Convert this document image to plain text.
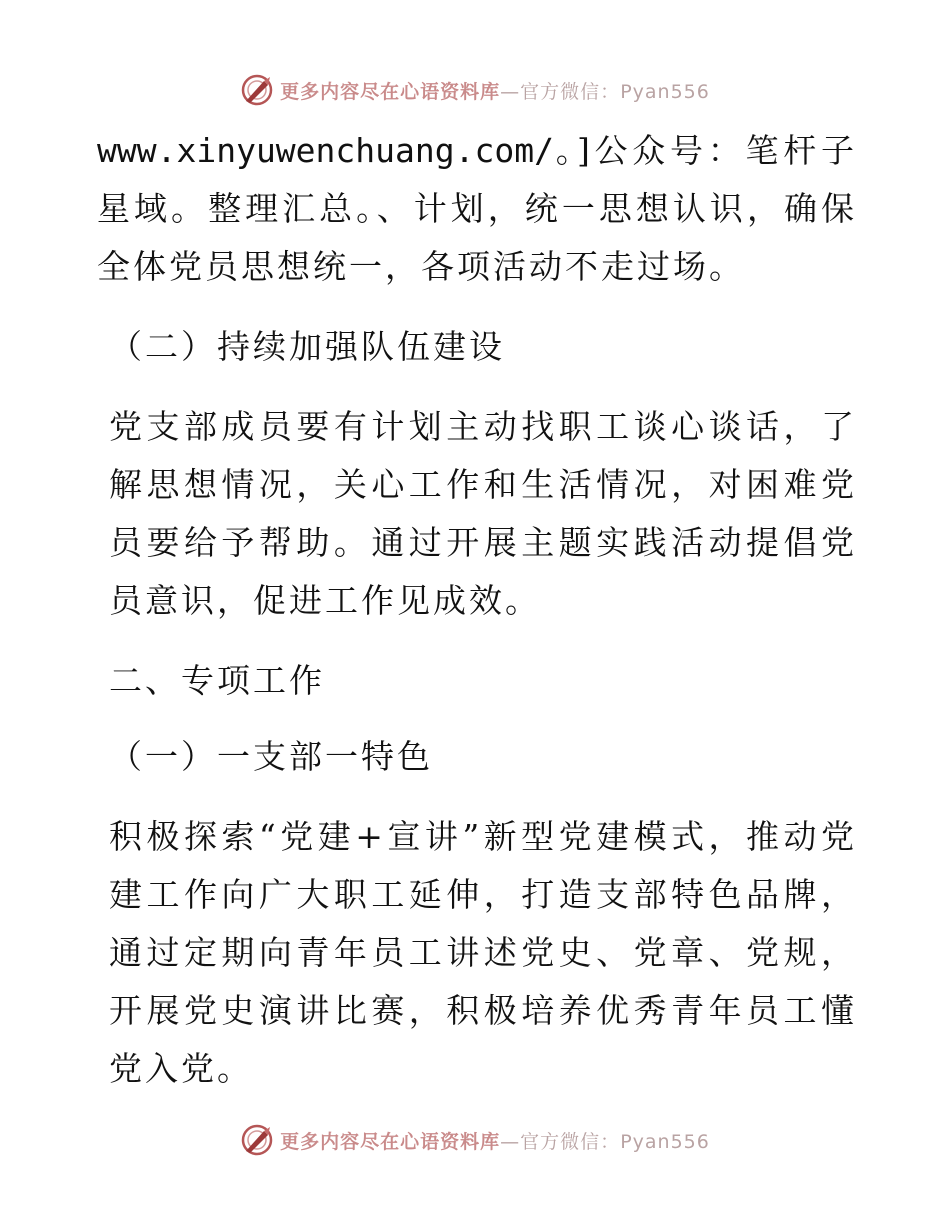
更多内容尽在心语资料库—官方微信：Pyan556

www.xinyuwenchuang.com/。]公众号：笔杆子星域。整理汇总。、计划，统一思想认识，确保全体党员思想统一，各项活动不走过场。

（二）持续加强队伍建设

党支部成员要有计划主动找职工谈心谈话，了解思想情况，关心工作和生活情况，对困难党员要给予帮助。通过开展主题实践活动提倡党员意识，促进工作见成效。

二、专项工作

（一）一支部一特色

积极探索“党建+宣讲”新型党建模式，推动党建工作向广大职工延伸，打造支部特色品牌，通过定期向青年员工讲述党史、党章、党规，开展党史演讲比赛，积极培养优秀青年员工懂党入党。

更多内容尽在心语资料库—官方微信：Pyan556
